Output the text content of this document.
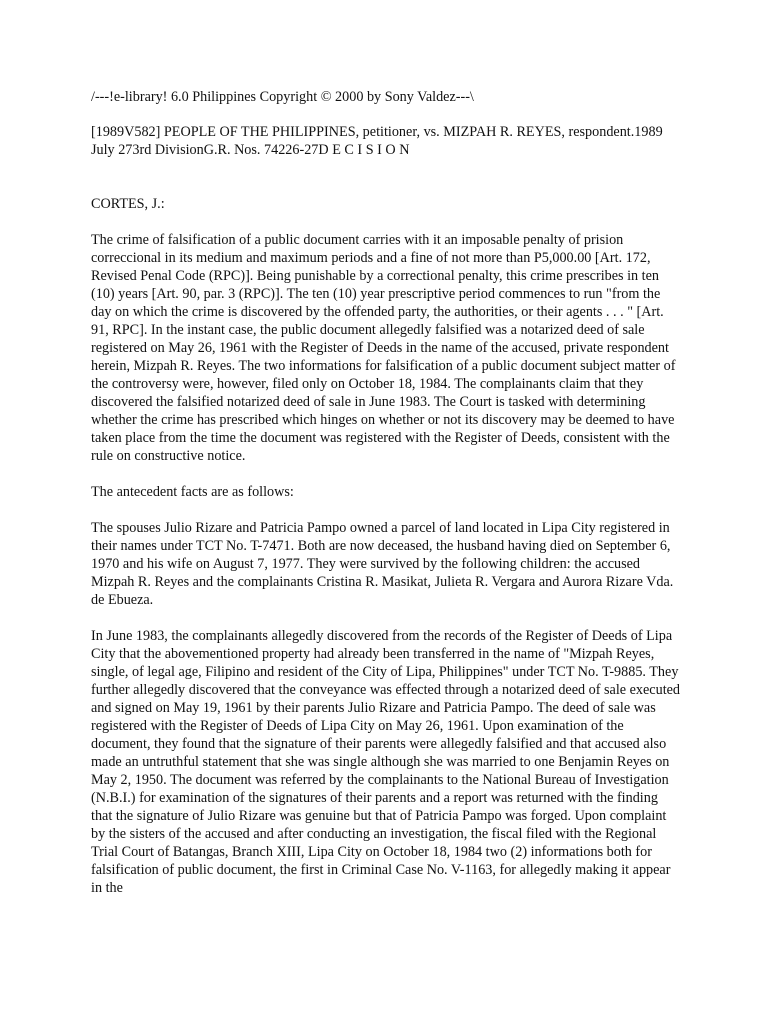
/---!e-library! 6.0 Philippines Copyright © 2000 by Sony Valdez---\

[1989V582] PEOPLE OF THE PHILIPPINES, petitioner, vs. MIZPAH R. REYES, respondent.1989 July 273rd DivisionG.R. Nos. 74226-27D E C I S I O N

CORTES, J.:

The crime of falsification of a public document carries with it an imposable penalty of prision correccional in its medium and maximum periods and a fine of not more than P5,000.00 [Art. 172, Revised Penal Code (RPC)]. Being punishable by a correctional penalty, this crime prescribes in ten (10) years [Art. 90, par. 3 (RPC)]. The ten (10) year prescriptive period commences to run "from the day on which the crime is discovered by the offended party, the authorities, or their agents . . . " [Art. 91, RPC]. In the instant case, the public document allegedly falsified was a notarized deed of sale registered on May 26, 1961 with the Register of Deeds in the name of the accused, private respondent herein, Mizpah R. Reyes. The two informations for falsification of a public document subject matter of the controversy were, however, filed only on October 18, 1984. The complainants claim that they discovered the falsified notarized deed of sale in June 1983. The Court is tasked with determining whether the crime has prescribed which hinges on whether or not its discovery may be deemed to have taken place from the time the document was registered with the Register of Deeds, consistent with the rule on constructive notice.

The antecedent facts are as follows:

The spouses Julio Rizare and Patricia Pampo owned a parcel of land located in Lipa City registered in their names under TCT No. T-7471. Both are now deceased, the husband having died on September 6, 1970 and his wife on August 7, 1977. They were survived by the following children: the accused Mizpah R. Reyes and the complainants Cristina R. Masikat, Julieta R. Vergara and Aurora Rizare Vda. de Ebueza.

In June 1983, the complainants allegedly discovered from the records of the Register of Deeds of Lipa City that the abovementioned property had already been transferred in the name of "Mizpah Reyes, single, of legal age, Filipino and resident of the City of Lipa, Philippines" under TCT No. T-9885. They further allegedly discovered that the conveyance was effected through a notarized deed of sale executed and signed on May 19, 1961 by their parents Julio Rizare and Patricia Pampo. The deed of sale was registered with the Register of Deeds of Lipa City on May 26, 1961. Upon examination of the document, they found that the signature of their parents were allegedly falsified and that accused also made an untruthful statement that she was single although she was married to one Benjamin Reyes on May 2, 1950. The document was referred by the complainants to the National Bureau of Investigation (N.B.I.) for examination of the signatures of their parents and a report was returned with the finding that the signature of Julio Rizare was genuine but that of Patricia Pampo was forged. Upon complaint by the sisters of the accused and after conducting an investigation, the fiscal filed with the Regional Trial Court of Batangas, Branch XIII, Lipa City on October 18, 1984 two (2) informations both for falsification of public document, the first in Criminal Case No. V-1163, for allegedly making it appear in the
